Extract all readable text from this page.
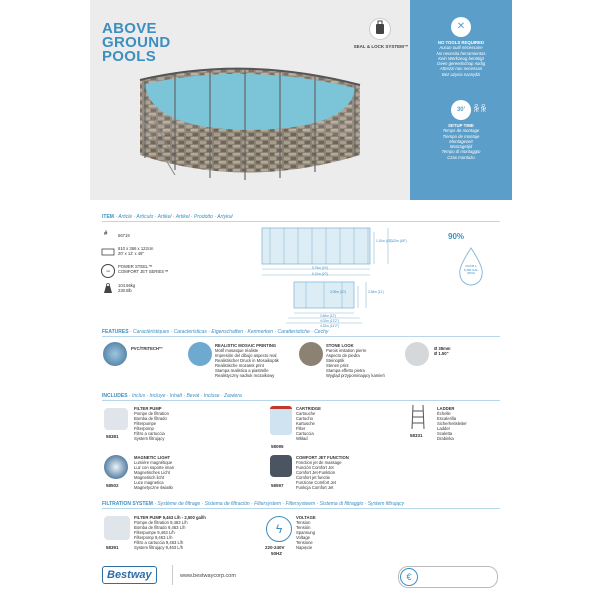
ABOVE
GROUND
POOLS
SEAL & LOCK SYSTEM™
✕
NO TOOLS REQUIRED
Aucun outil nécessaire
No necesita herramientas
Kein Werkzeug benötigt
Geen gereedschap nodig
Attrezzi non necessari
Bez użycia narzędzi
30' ꆜꆜ
SETUP TIME
Temps de montage
Tiempo de montaje
Montagezeit
Montagetijd
Tempo di montaggio
Czas montażu
ITEM · Article · Artículo · Artikel · Artikel · Prodotto · Artykuł
#	56719
610 x 366 x 122cm
20' x 12' x 48"
ᴛᴍ
POWER STEEL™
COMFORT JET SERIES™
104.56kg
230.5lb
5.79m (19')
6.10m (20')
1.10m (43")
1.22m (48")
3.05m (10')	3.36m (11')
3.66m (12')
4.02m (13'2")
4.32m (14'2")
90%
20,045 L
5,290 GAL
(90%)
FEATURES · Caractéristiques · Características · Eigenschaften · Kenmerken · Caratteristiche · Cechy
PVC/TRITECH™
REALISTIC MOSAIC PRINTING
Motif mosaïque réaliste
Impresión del dibujo aspecto real
Realistischer Druck in Mosaikoptik
Realistische mozaïek print
Stampa realistica a piastrelle
Realistyczny nadruk mozaikowy
STONE LOOK
Parois imitation pierre
Aspecto de piedra
Steinoptik
Stenen print
Stampa effetto pietra
Wygląd przypominający kamień
Ø 38mm
Ø 1.50"
INCLUDES · Inclus · Incluye · Inhalt · Bevat · Incluse · Zawiera
58381
FILTER PUMP
Pompe de filtration
Bomba de filtrado
Filterpumpe
Filterpomp
Filtro a cartuccia
System filtrujący
58095
CARTRIDGE
Cartouche
Cartucho
Kartusche
Filter
Cartuccia
Wkład
58331
LADDER
Échelle
Escalerilla
Sicherheitsleiter
Ladder
Scaletta
Drabinka
58502
MAGNETIC LIGHT
Lumière magnétique
Luz con soporte iman
Magnetisches Licht
Magnetisch licht
Luce magnetica
Magnetyczne światło	58597
COMFORT JET FUNCTION
Fonction jet de massage
Función Comfort Jet
Comfort Jet-Funktion
Comfort jet functie
Funzione Comfort Jet
Funkcja Comfort Jet
FILTRATION SYSTEM · Système de filtrage · Sistema de filtración · Filtersystem · Filtersysteem · Sistema di filtraggio · System filtrujący
58391
FILTER PUMP 9,463 L/h - 2,500 gal/h
Pompe de filtration 9,463 L/h
Bomba de filtrado 9,463 L/h
Filterpumpe 9,463 L/h
Filterpomp 9,463 L/h
Filtro a cartuccia 9,463 L/h
System filtrujący 9,463 L/h
ϟ
220-240V
50HZ
VOLTAGE
Tension
Tensión
Spannung
Voltage
Tensione
Napięcie
Bestway	www.bestwaycorp.com	€
